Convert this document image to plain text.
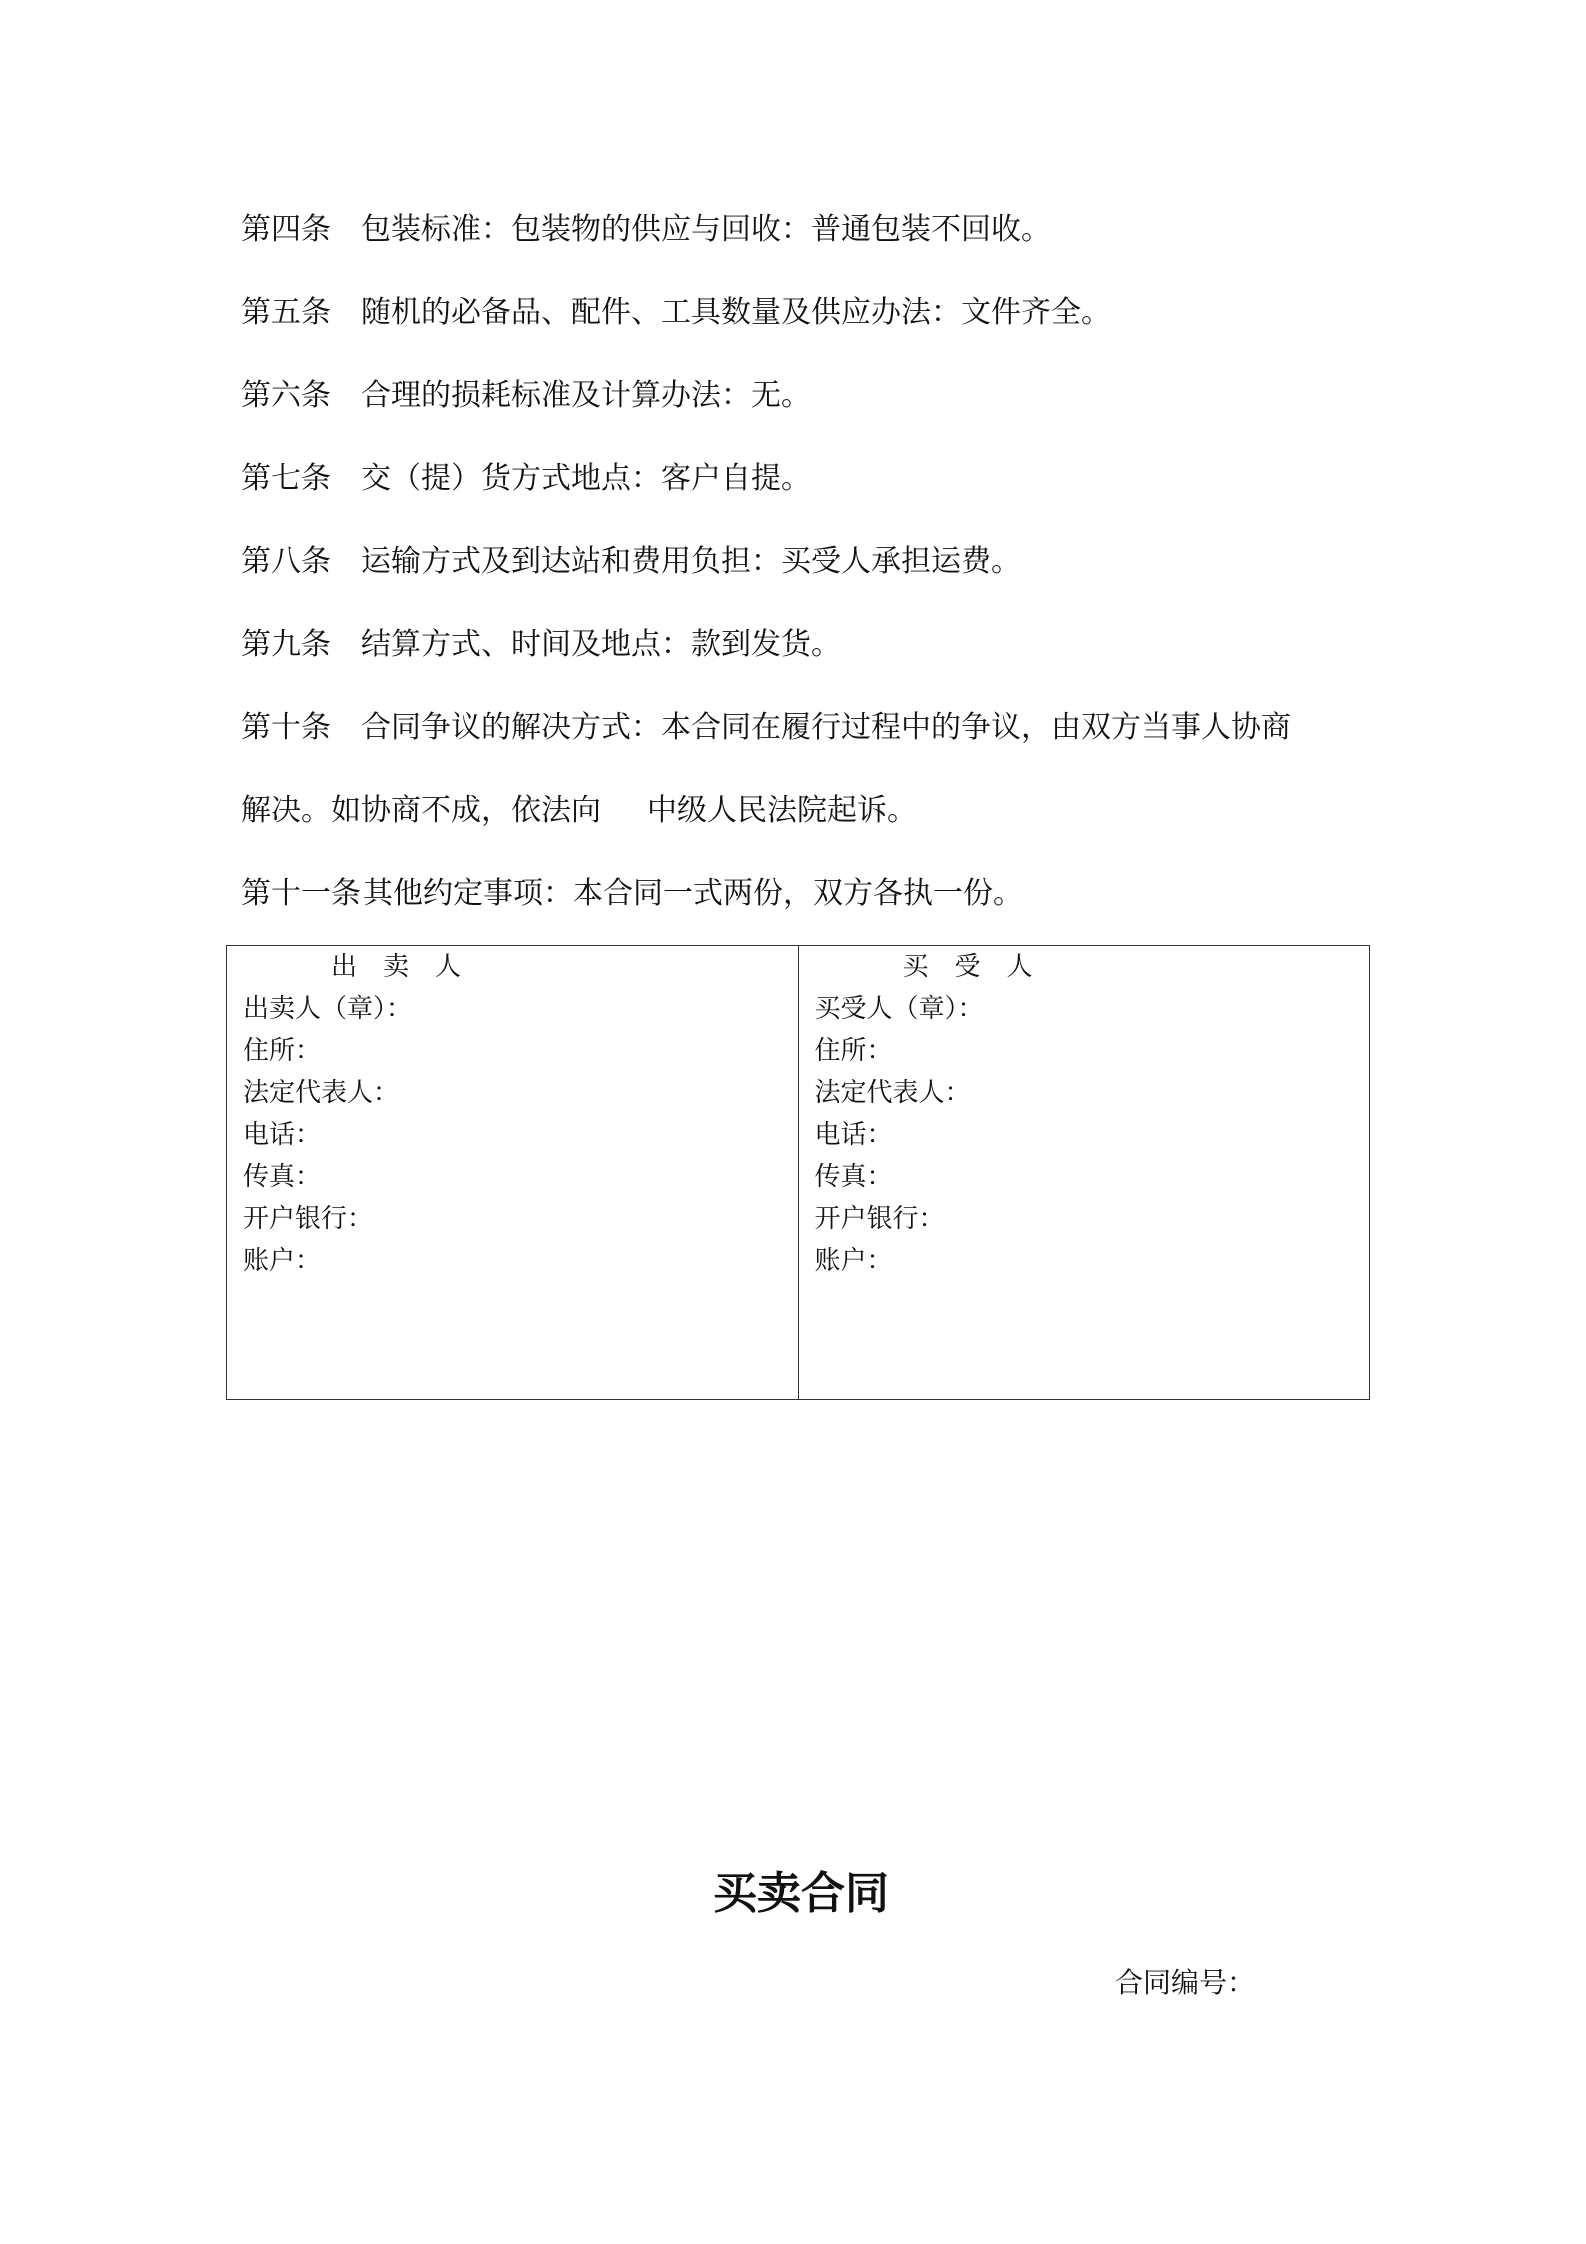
第四条 包装标准：包装物的供应与回收：普通包装不回收。
第五条 随机的必备品、配件、工具数量及供应办法：文件齐全。
第六条 合理的损耗标准及计算办法：无。
第七条 交（提）货方式地点：客户自提。
第八条 运输方式及到达站和费用负担：买受人承担运费。
第九条 结算方式、时间及地点：款到发货。
第十条 合同争议的解决方式：本合同在履行过程中的争议，由双方当事人协商
解决。如协商不成，依法向 中级人民法院起诉。
第十一条其他约定事项：本合同一式两份，双方各执一份。
出卖人
出卖人（章）：
住所：
法定代表人：
电话：
传真：
开户银行：
账户：
买受人
买受人（章）：
住所：
法定代表人：
电话：
传真：
开户银行：
账户：
买卖合同
合同编号：
